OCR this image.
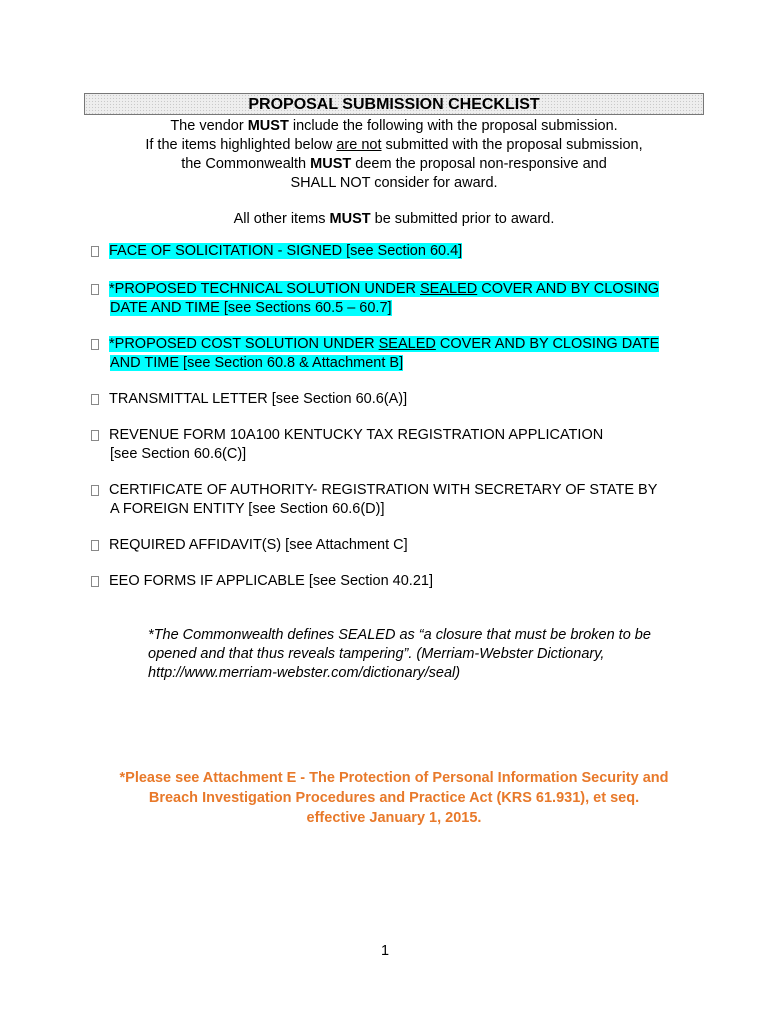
PROPOSAL SUBMISSION CHECKLIST

The vendor MUST include the following with the proposal submission.

If the items highlighted below are not submitted with the proposal submission,

the Commonwealth MUST deem the proposal non-responsive and

SHALL NOT consider for award.

All other items MUST be submitted prior to award.

FACE OF SOLICITATION - SIGNED [see Section 60.4]
*PROPOSED TECHNICAL SOLUTION UNDER SEALED COVER AND BY CLOSING
DATE AND TIME [see Sections 60.5 – 60.7]
*PROPOSED COST SOLUTION UNDER SEALED COVER AND BY CLOSING DATE
AND TIME [see Section 60.8 & Attachment B]
TRANSMITTAL LETTER [see Section 60.6(A)]
REVENUE FORM 10A100 KENTUCKY TAX REGISTRATION APPLICATION
[see Section 60.6(C)]
CERTIFICATE OF AUTHORITY- REGISTRATION WITH SECRETARY OF STATE BY
A FOREIGN ENTITY [see Section 60.6(D)]
REQUIRED AFFIDAVIT(S) [see Attachment C]
EEO FORMS IF APPLICABLE [see Section 40.21]
*The Commonwealth defines SEALED as “a closure that must be broken to be
opened and that thus reveals tampering”. (Merriam-Webster Dictionary,
http://www.merriam-webster.com/dictionary/seal)
*Please see Attachment E - The Protection of Personal Information Security and
Breach Investigation Procedures and Practice Act (KRS 61.931), et seq.
effective January 1, 2015.
1
